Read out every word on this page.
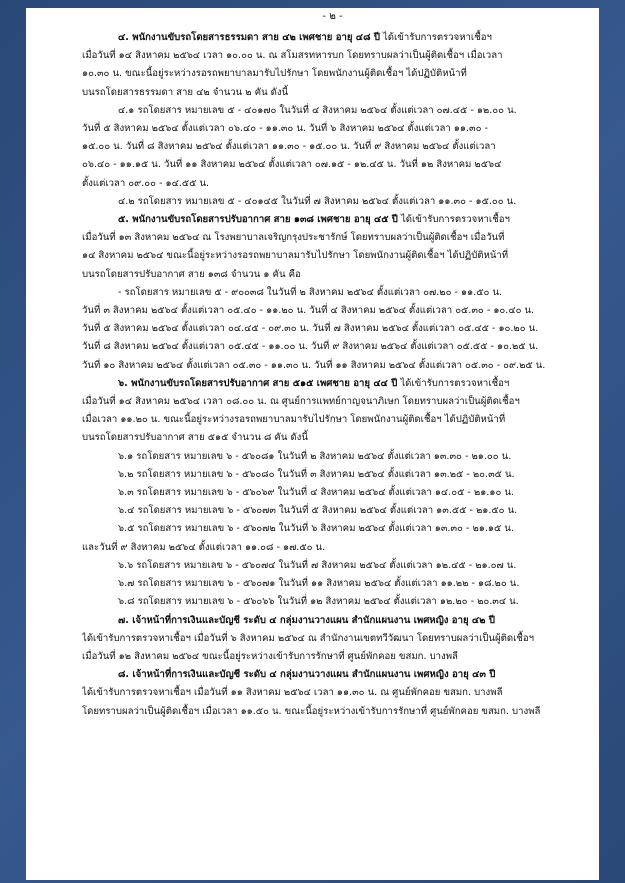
- ๒ -
๔. พนักงานขับรถโดยสารธรรมดา สาย ๔๒ เพศชาย อายุ ๔๘ ปี ได้เข้ารับการตรวจหาเชื้อฯ
เมื่อวันที่ ๑๔ สิงหาคม ๒๕๖๔ เวลา ๑๐.๐๐ น. ณ สโมสรทหารบก โดยทราบผลว่าเป็นผู้ติดเชื้อฯ เมื่อเวลา
๑๐.๓๐ น. ขณะนี้อยู่ระหว่างรอรถพยาบาลมารับไปรักษา โดยพนักงานผู้ติดเชื้อฯ ได้ปฏิบัติหน้าที่
บนรถโดยสารธรรมดา สาย ๔๒ จำนวน ๒ คัน ดังนี้
๔.๑ รถโดยสาร หมายเลข ๕ - ๔๐๑๗๐ ในวันที่ ๔ สิงหาคม ๒๕๖๔ ตั้งแต่เวลา ๐๗.๔๕ - ๑๒.๐๐ น.
วันที่ ๕ สิงหาคม ๒๕๖๔ ตั้งแต่เวลา ๐๖.๔๐ - ๑๑.๓๐ น. วันที่ ๖ สิงหาคม ๒๕๖๔ ตั้งแต่เวลา ๑๑.๓๐ -
๑๕.๐๐ น. วันที่ ๘ สิงหาคม ๒๕๖๔ ตั้งแต่เวลา ๑๑.๓๐ - ๑๕.๐๐ น. วันที่ ๙ สิงหาคม ๒๕๖๔ ตั้งแต่เวลา
๐๖.๔๐ - ๑๑.๑๕ น. วันที่ ๑๑ สิงหาคม ๒๕๖๔ ตั้งแต่เวลา ๐๗.๑๕ - ๑๒.๔๕ น. วันที่ ๑๒ สิงหาคม ๒๕๖๔
ตั้งแต่เวลา ๐๙.๐๐ - ๑๔.๕๕ น.
๔.๒ รถโดยสาร หมายเลข ๕ - ๔๐๑๔๕ ในวันที่ ๗ สิงหาคม ๒๕๖๔ ตั้งแต่เวลา ๑๑.๓๐ - ๑๕.๐๐ น.
๕. พนักงานขับรถโดยสารปรับอากาศ สาย ๑๓๘ เพศชาย อายุ ๔๕ ปี ได้เข้ารับการตรวจหาเชื้อฯ
เมื่อวันที่ ๑๓ สิงหาคม ๒๕๖๔ ณ โรงพยาบาลเจริญกรุงประชารักษ์ โดยทราบผลว่าเป็นผู้ติดเชื้อฯ เมื่อวันที่
๑๔ สิงหาคม ๒๕๖๔ ขณะนี้อยู่ระหว่างรอรถพยาบาลมารับไปรักษา โดยพนักงานผู้ติดเชื้อฯ ได้ปฏิบัติหน้าที่
บนรถโดยสารปรับอากาศ สาย ๑๓๘ จำนวน ๑ คัน คือ
- รถโดยสาร หมายเลข ๕ - ๙๐๐๓๘ ในวันที่ ๒ สิงหาคม ๒๕๖๔ ตั้งแต่เวลา ๐๗.๒๐ - ๑๑.๕๐ น.
วันที่ ๓ สิงหาคม ๒๕๖๔ ตั้งแต่เวลา ๐๕.๔๐ - ๑๑.๒๐ น. วันที่ ๔ สิงหาคม ๒๕๖๔ ตั้งแต่เวลา ๐๕.๓๐ - ๑๐.๔๐ น.
วันที่ ๕ สิงหาคม ๒๕๖๔ ตั้งแต่เวลา ๐๔.๔๕ - ๐๙.๓๐ น. วันที่ ๗ สิงหาคม ๒๕๖๔ ตั้งแต่เวลา ๐๕.๔๕ - ๑๐.๒๐ น.
วันที่ ๘ สิงหาคม ๒๕๖๔ ตั้งแต่เวลา ๐๕.๔๕ - ๑๑.๐๐ น. วันที่ ๙ สิงหาคม ๒๕๖๔ ตั้งแต่เวลา ๐๕.๕๕ - ๑๐.๒๕ น.
วันที่ ๑๐ สิงหาคม ๒๕๖๔ ตั้งแต่เวลา ๐๕.๓๐ - ๑๑.๓๐ น. วันที่ ๑๑ สิงหาคม ๒๕๖๔ ตั้งแต่เวลา ๐๕.๓๐ - ๐๙.๒๕ น.
๖. พนักงานขับรถโดยสารปรับอากาศ สาย ๕๑๕ เพศชาย อายุ ๔๔ ปี ได้เข้ารับการตรวจหาเชื้อฯ
เมื่อวันที่ ๑๔ สิงหาคม ๒๕๖๔ เวลา ๐๘.๐๐ น. ณ ศูนย์การแพทย์กาญจนาภิเษก โดยทราบผลว่าเป็นผู้ติดเชื้อฯ
เมื่อเวลา ๑๑.๒๐ น. ขณะนี้อยู่ระหว่างรอรถพยาบาลมารับไปรักษา โดยพนักงานผู้ติดเชื้อฯ ได้ปฏิบัติหน้าที่
บนรถโดยสารปรับอากาศ สาย ๕๑๕ จำนวน ๘ คัน ดังนี้
๖.๑ รถโดยสาร หมายเลข ๖ - ๕๖๐๘๑ ในวันที่ ๒ สิงหาคม ๒๕๖๔ ตั้งแต่เวลา ๑๓.๓๐ - ๒๑.๐๐ น.
๖.๒ รถโดยสาร หมายเลข ๖ - ๕๖๐๘๐ ในวันที่ ๓ สิงหาคม ๒๕๖๔ ตั้งแต่เวลา ๑๓.๒๕ - ๒๐.๓๕ น.
๖.๓ รถโดยสาร หมายเลข ๖ - ๕๖๐๖๙ ในวันที่ ๔ สิงหาคม ๒๕๖๔ ตั้งแต่เวลา ๑๔.๐๕ - ๒๑.๑๐ น.
๖.๔ รถโดยสาร หมายเลข ๖ - ๕๖๐๗๓ ในวันที่ ๕ สิงหาคม ๒๕๖๔ ตั้งแต่เวลา ๑๓.๕๕ - ๒๑.๕๐ น.
๖.๕ รถโดยสาร หมายเลข ๖ - ๕๖๐๗๒ ในวันที่ ๖ สิงหาคม ๒๕๖๔ ตั้งแต่เวลา ๑๓.๓๐ - ๒๑.๑๕ น.
และวันที่ ๙ สิงหาคม ๒๕๖๔ ตั้งแต่เวลา ๑๑.๐๘ - ๑๗.๕๐ น.
๖.๖ รถโดยสาร หมายเลข ๖ - ๕๖๐๗๔ ในวันที่ ๗ สิงหาคม ๒๕๖๔ ตั้งแต่เวลา ๑๒.๔๕ - ๒๑.๐๗ น.
๖.๗ รถโดยสาร หมายเลข ๖ - ๕๖๐๗๑ ในวันที่ ๑๑ สิงหาคม ๒๕๖๔ ตั้งแต่เวลา ๑๑.๒๒ - ๑๘.๒๐ น.
๖.๘ รถโดยสาร หมายเลข ๖ - ๕๖๐๖๖ ในวันที่ ๑๒ สิงหาคม ๒๕๖๔ ตั้งแต่เวลา ๑๒.๒๐ - ๒๐.๓๔ น.
๗. เจ้าหน้าที่การเงินและบัญชี ระดับ ๔ กลุ่มงานวางแผน สำนักแผนงาน เพศหญิง อายุ ๔๒ ปี
ได้เข้ารับการตรวจหาเชื้อฯ เมื่อวันที่ ๖ สิงหาคม ๒๕๖๔ ณ สำนักงานเขตทวีวัฒนา โดยทราบผลว่าเป็นผู้ติดเชื้อฯ
เมื่อวันที่ ๑๒ สิงหาคม ๒๕๖๔ ขณะนี้อยู่ระหว่างเข้ารับการรักษาที่ ศูนย์พักคอย ขสมก. บางพลี
๘. เจ้าหน้าที่การเงินและบัญชี ระดับ ๔ กลุ่มงานวางแผน สำนักแผนงาน เพศหญิง อายุ ๔๓ ปี
ได้เข้ารับการตรวจหาเชื้อฯ เมื่อวันที่ ๑๑ สิงหาคม ๒๕๖๔ เวลา ๑๑.๓๐ น. ณ ศูนย์พักคอย ขสมก. บางพลี
โดยทราบผลว่าเป็นผู้ติดเชื้อฯ เมื่อเวลา ๑๑.๕๐ น. ขณะนี้อยู่ระหว่างเข้ารับการรักษาที่ ศูนย์พักคอย ขสมก. บางพลี
